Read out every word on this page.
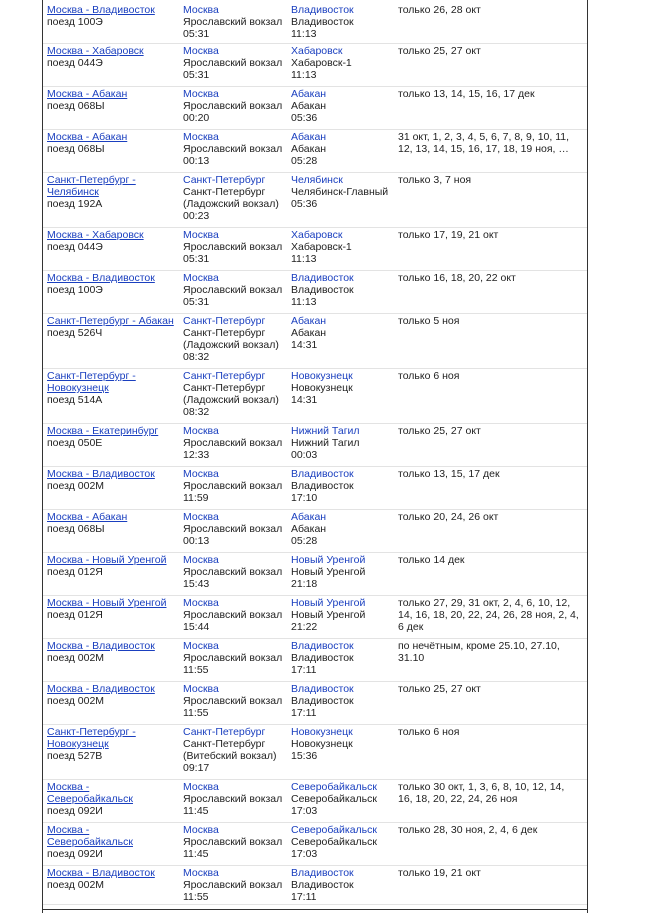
Москва - Владивосток
поезд 100Э
Москва
Ярославский вокзал
05:31
Владивосток
Владивосток
11:13
только 26, 28 окт
Москва - Хабаровск
поезд 044Э
Москва
Ярославский вокзал
05:31
Хабаровск
Хабаровск-1
11:13
только 25, 27 окт
Москва - Абакан
поезд 068Ы
Москва
Ярославский вокзал
00:20
Абакан
Абакан
05:36
только 13, 14, 15, 16, 17 дек
Москва - Абакан
поезд 068Ы
Москва
Ярославский вокзал
00:13
Абакан
Абакан
05:28
31 окт, 1, 2, 3, 4, 5, 6, 7, 8, 9, 10, 11, 12, 13, 14, 15, 16, 17, 18, 19 ноя, …
Санкт-Петербург -
Челябинск
поезд 192А
Санкт-Петербург
Санкт-Петербург
(Ладожский вокзал)
00:23
Челябинск
Челябинск-Главный
05:36
только 3, 7 ноя
Москва - Хабаровск
поезд 044Э
Москва
Ярославский вокзал
05:31
Хабаровск
Хабаровск-1
11:13
только 17, 19, 21 окт
Москва - Владивосток
поезд 100Э
Москва
Ярославский вокзал
05:31
Владивосток
Владивосток
11:13
только 16, 18, 20, 22 окт
Санкт-Петербург - Абакан
поезд 526Ч
Санкт-Петербург
Санкт-Петербург
(Ладожский вокзал)
08:32
Абакан
Абакан
14:31
только 5 ноя
Санкт-Петербург -
Новокузнецк
поезд 514А
Санкт-Петербург
Санкт-Петербург
(Ладожский вокзал)
08:32
Новокузнецк
Новокузнецк
14:31
только 6 ноя
Москва - Екатеринбург
поезд 050Е
Москва
Ярославский вокзал
12:33
Нижний Тагил
Нижний Тагил
00:03
только 25, 27 окт
Москва - Владивосток
поезд 002М
Москва
Ярославский вокзал
11:59
Владивосток
Владивосток
17:10
только 13, 15, 17 дек
Москва - Абакан
поезд 068Ы
Москва
Ярославский вокзал
00:13
Абакан
Абакан
05:28
только 20, 24, 26 окт
Москва - Новый Уренгой
поезд 012Я
Москва
Ярославский вокзал
15:43
Новый Уренгой
Новый Уренгой
21:18
только 14 дек
Москва - Новый Уренгой
поезд 012Я
Москва
Ярославский вокзал
15:44
Новый Уренгой
Новый Уренгой
21:22
только 27, 29, 31 окт, 2, 4, 6, 10, 12, 14, 16, 18, 20, 22, 24, 26, 28 ноя, 2, 4, 6 дек
Москва - Владивосток
поезд 002М
Москва
Ярославский вокзал
11:55
Владивосток
Владивосток
17:11
по нечётным, кроме 25.10, 27.10, 31.10
Москва - Владивосток
поезд 002М
Москва
Ярославский вокзал
11:55
Владивосток
Владивосток
17:11
только 25, 27 окт
Санкт-Петербург -
Новокузнецк
поезд 527В
Санкт-Петербург
Санкт-Петербург
(Витебский вокзал)
09:17
Новокузнецк
Новокузнецк
15:36
только 6 ноя
Москва -
Северобайкальск
поезд 092И
Москва
Ярославский вокзал
11:45
Северобайкальск
Северобайкальск
17:03
только 30 окт, 1, 3, 6, 8, 10, 12, 14, 16, 18, 20, 22, 24, 26 ноя
Москва -
Северобайкальск
поезд 092И
Москва
Ярославский вокзал
11:45
Северобайкальск
Северобайкальск
17:03
только 28, 30 ноя, 2, 4, 6 дек
Москва - Владивосток
поезд 002М
Москва
Ярославский вокзал
11:55
Владивосток
Владивосток
17:11
только 19, 21 окт
